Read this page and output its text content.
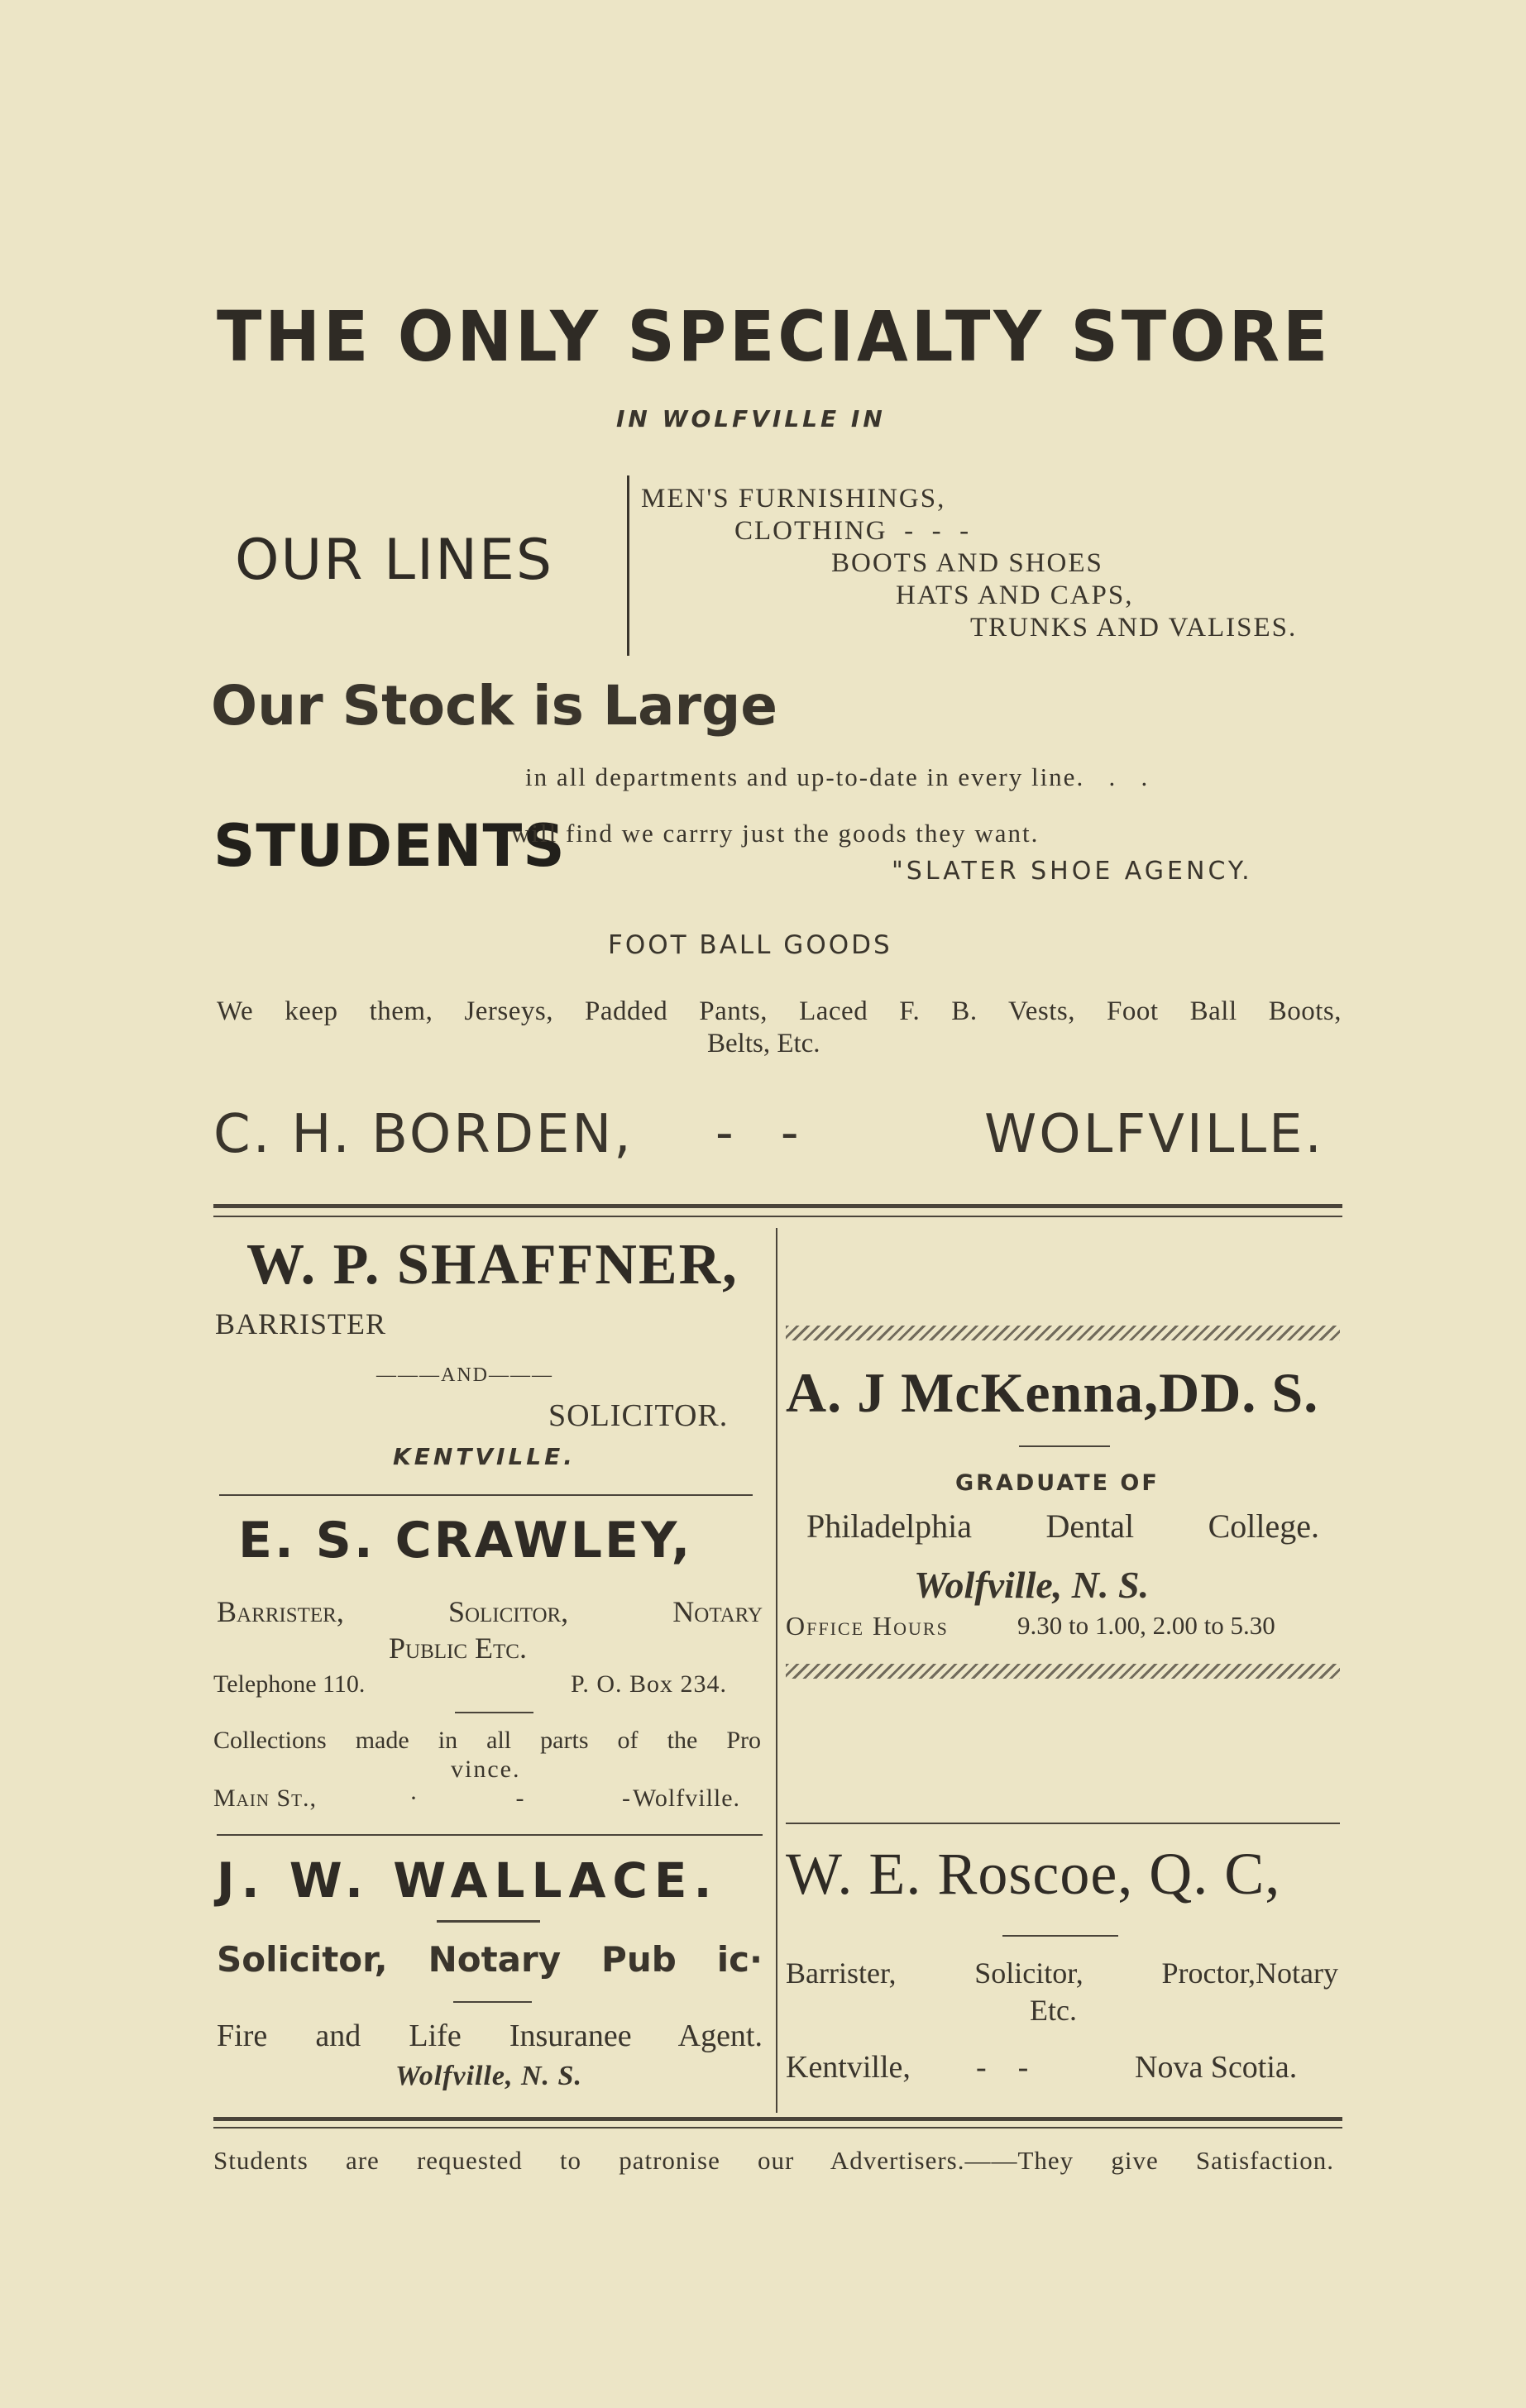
THE ONLY SPECIALTY STORE
IN WOLFVILLE IN
OUR LINES
MEN'S FURNISHINGS,
CLOTHING  -  -  -
BOOTS AND SHOES
HATS AND CAPS,
TRUNKS AND VALISES.
Our Stock is Large
in all departments and up-to-date in every line.   .   .
STUDENTS
will find we carrry just the goods they want.
"SLATER SHOE AGENCY.
FOOT BALL GOODS
We keep them, Jerseys, Padded Pants, Laced F. B. Vests, Foot Ball Boots,
Belts, Etc.
C. H. BORDEN, -   -	WOLFVILLE.
W. P. SHAFFNER,
BARRISTER
———AND———
SOLICITOR.
KENTVILLE.
E. S. CRAWLEY,
Barrister, Solicitor, Notary
Public Etc.
Telephone 110.	P. O. Box 234.
Collections made in all parts of the Pro
vince.
Main St.,	·   -   -
Wolfville.
J. W. WALLACE.
Solicitor, Notary Pub ic·
Fire and Life Insuranee Agent.
Wolfville, N. S.
A. J McKenna,DD. S.
GRADUATE OF
Philadelphia Dental College.
Wolfville, N. S.
Office Hours	9.30 to 1.00, 2.00 to 5.30
W. E. Roscoe, Q. C,
Barrister, Solicitor, Proctor,Notary
Etc.
Kentville, -    -	Nova Scotia.
Students are requested to patronise our Advertisers.——They give Satisfaction.
